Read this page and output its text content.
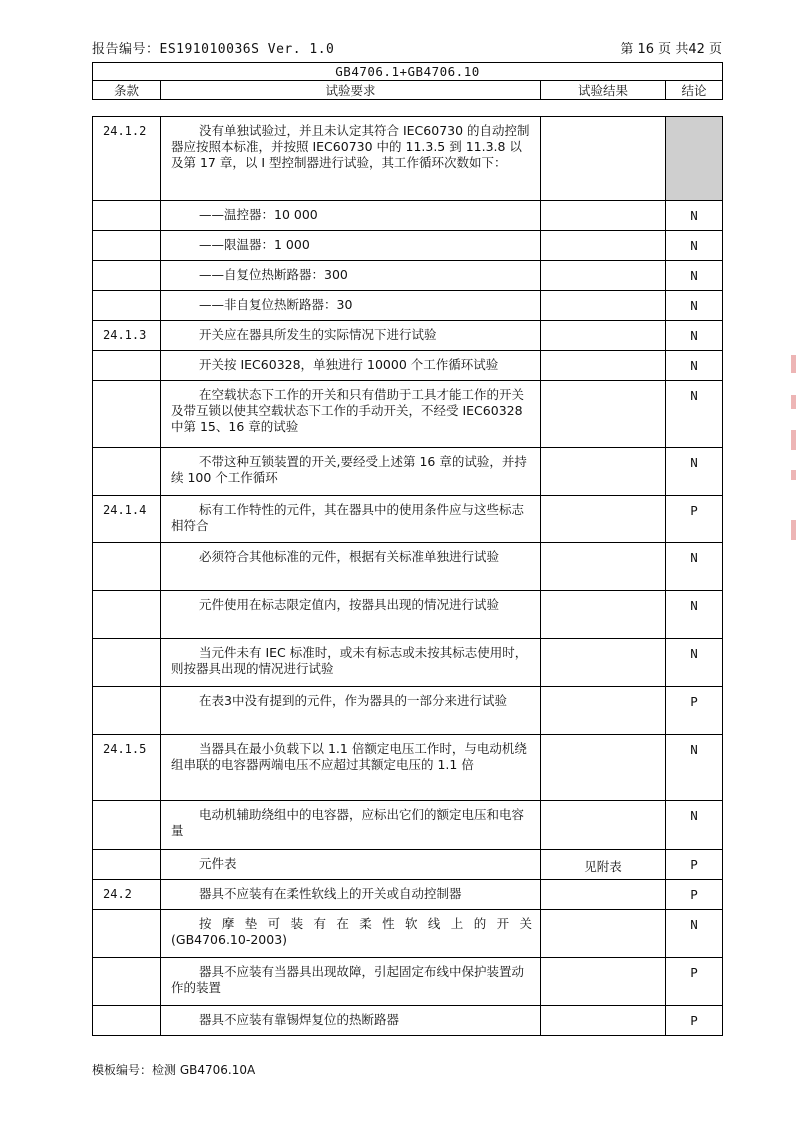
报告编号：ES191010036S Ver. 1.0	第 16 页 共42 页
GB4706.1+GB4706.10
条款	试验要求	试验结果	结论
24.1.2	没有单独试验过，并且未认定其符合 IEC60730 的自动控制器应按照本标准，并按照 IEC60730 中的 11.3.5 到 11.3.8 以及第 17 章，以 I 型控制器进行试验，其工作循环次数如下：		

	——温控器：10 000		N

	——限温器：1 000		N

	——自复位热断路器：300		N

	——非自复位热断路器：30		N
24.1.3	开关应在器具所发生的实际情况下进行试验		N

	开关按 IEC60328，单独进行 10000 个工作循环试验		N

	在空载状态下工作的开关和只有借助于工具才能工作的开关及带互锁以使其空载状态下工作的手动开关，不经受 IEC60328 中第 15、16 章的试验		N

	不带这种互锁装置的开关,要经受上述第 16 章的试验，并持续 100 个工作循环		N
24.1.4	标有工作特性的元件，其在器具中的使用条件应与这些标志相符合		P

	必须符合其他标准的元件，根据有关标准单独进行试验		N

	元件使用在标志限定值内，按器具出现的情况进行试验		N

	当元件未有 IEC 标准时，或未有标志或未按其标志使用时，则按器具出现的情况进行试验		N

	在表3中没有提到的元件，作为器具的一部分来进行试验		P
24.1.5	当器具在最小负载下以 1.1 倍额定电压工作时，与电动机绕组串联的电容器两端电压不应超过其额定电压的 1.1 倍		N

	电动机辅助绕组中的电容器，应标出它们的额定电压和电容量		N

	元件表	见附表	P
24.2	器具不应装有在柔性软线上的开关或自动控制器		P

	按摩垫可装有在柔性软线上的开关
(GB4706.10-2003)		N

	器具不应装有当器具出现故障，引起固定布线中保护装置动作的装置		P

	器具不应装有靠锡焊复位的热断路器		P
模板编号：检测 GB4706.10A
